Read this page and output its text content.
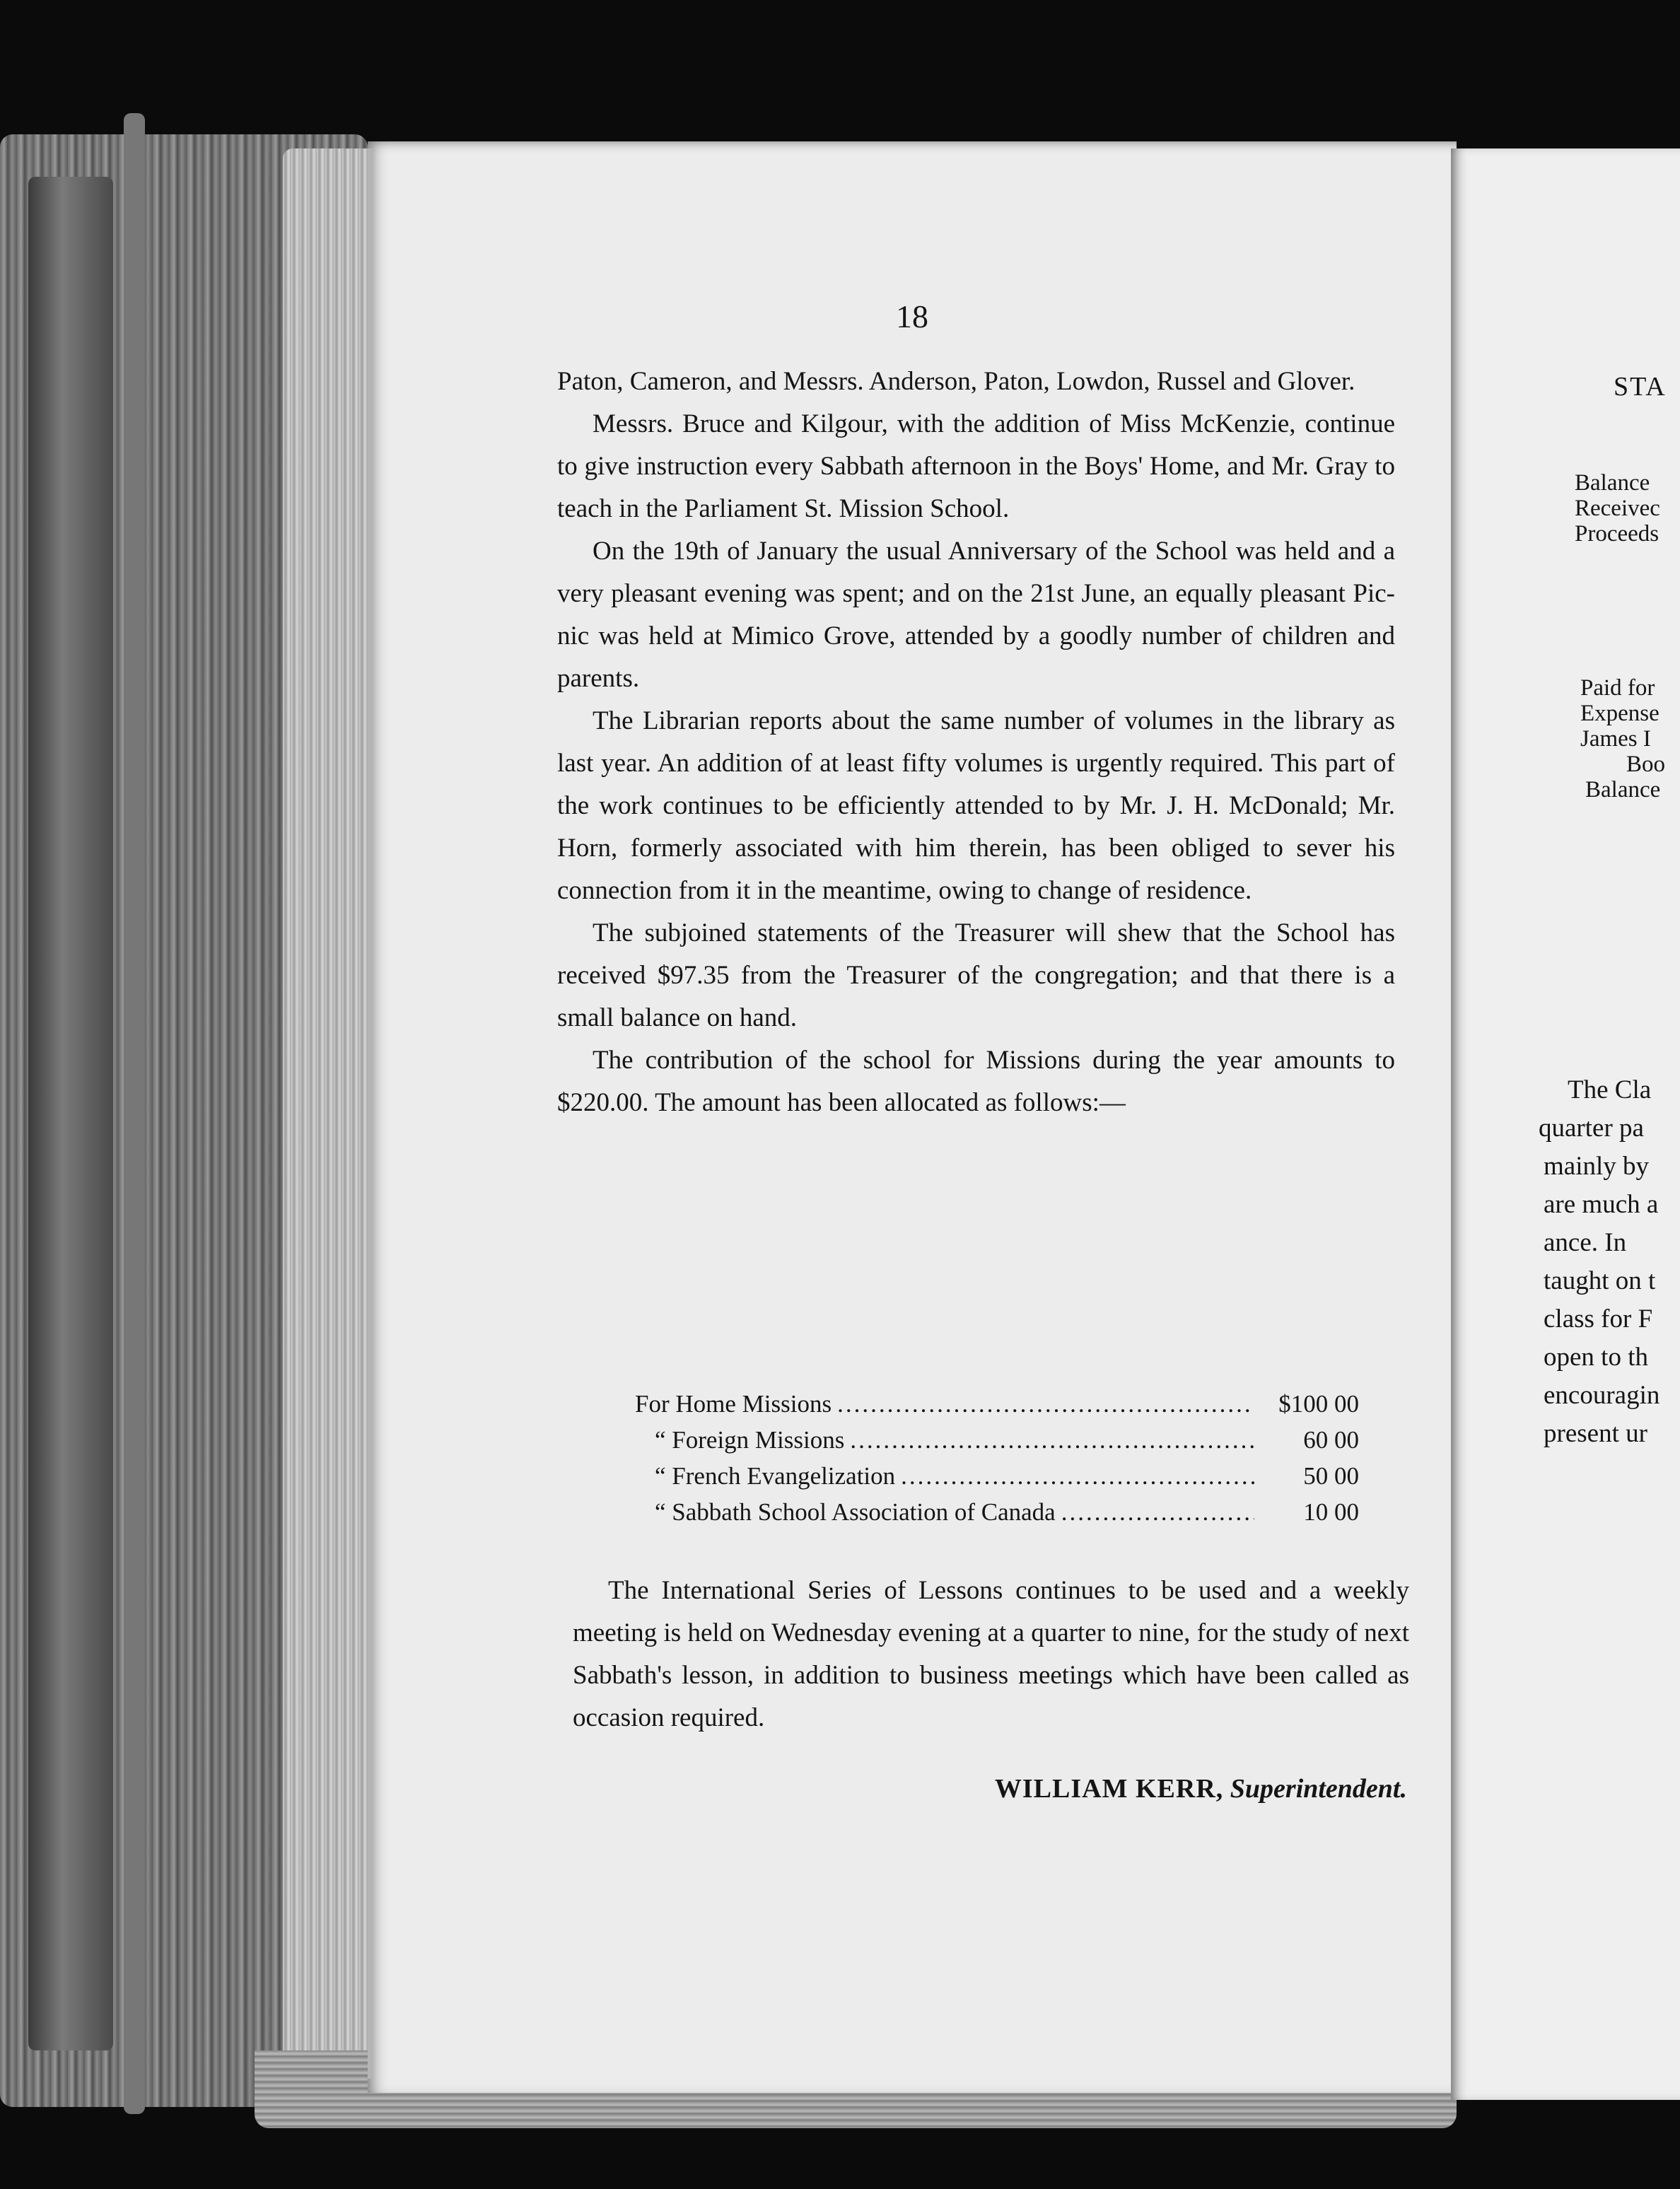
18

Paton, Cameron, and Messrs. Anderson, Paton, Lowdon, Russel and Glover.

Messrs. Bruce and Kilgour, with the addition of Miss McKenzie, continue to give instruction every Sabbath afternoon in the Boys' Home, and Mr. Gray to teach in the Parliament St. Mission School.

On the 19th of January the usual Anniversary of the School was held and a very pleasant evening was spent; and on the 21st June, an equally pleasant Pic-nic was held at Mimico Grove, attended by a goodly number of children and parents.

The Librarian reports about the same number of volumes in the library as last year. An addition of at least fifty volumes is urgently required. This part of the work continues to be efficiently attended to by Mr. J. H. McDonald; Mr. Horn, formerly associated with him therein, has been obliged to sever his connection from it in the meantime, owing to change of residence.

The subjoined statements of the Treasurer will shew that the School has received $97.35 from the Treasurer of the congregation; and that there is a small balance on hand.

The contribution of the school for Missions during the year amounts to $220.00. The amount has been allocated as follows:—

For Home Missions .....	$100 00
“ Foreign Missions .....	60 00
“ French Evangelization .....	50 00
“ Sabbath School Association of Canada .....	10 00

The International Series of Lessons continues to be used and a weekly meeting is held on Wednesday evening at a quarter to nine, for the study of next Sabbath's lesson, in addition to business meetings which have been called as occasion required.

WILLIAM KERR, Superintendent.
STA
Balance
Receivec
Proceeds
Paid for
Expense
James I
Boo
Balance
The Cla
quarter pa
mainly by
are much a
ance. In
taught on t
class for F
open to th
encouragin
present ur
